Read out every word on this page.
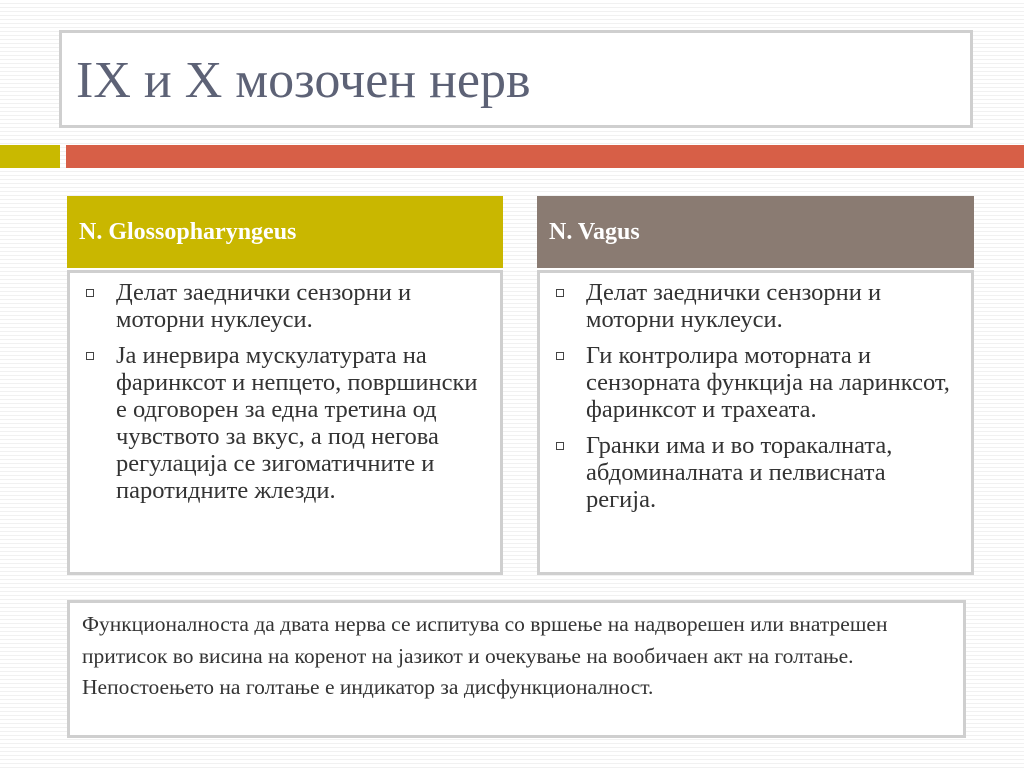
IX и X мозочен нерв
N. Glossopharyngeus	N. Vagus
Делат заеднички сензорни и моторни нуклеуси.
Ја инервира мускулатурата на фаринксот и непцето, површински е одговорен за една третина од чувството за вкус, а под негова регулација се зигоматичните и паротидните жлезди.
Делат заеднички сензорни и моторни нуклеуси.
Ги контролира моторната и сензорната функција на ларинксот, фаринксот и трахеата.
Гранки има и во торакалната, абдоминалната и пелвисната регија.

Функционалноста да двата нерва се испитува со вршење на надворешен или внатрешен притисок во висина на коренот на јазикот и очекување на вообичаен акт на голтање. Непостоењето на голтање е индикатор за дисфункционалност.
